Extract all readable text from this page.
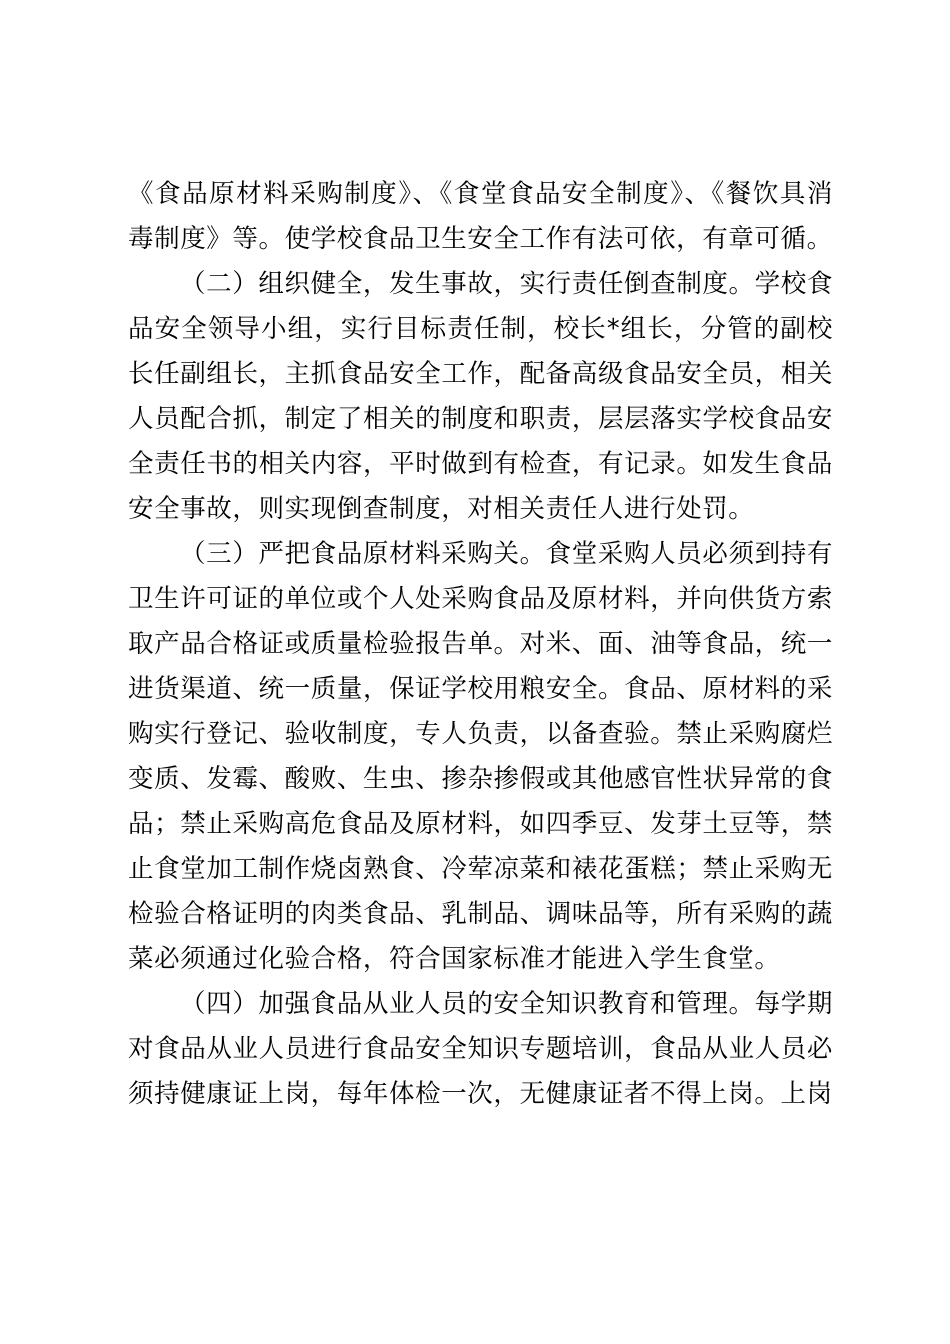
《食品原材料采购制度》、《食堂食品安全制度》、《餐饮具消毒制度》等。使学校食品卫生安全工作有法可依，有章可循。

（二）组织健全，发生事故，实行责任倒查制度。学校食品安全领导小组，实行目标责任制，校长*组长，分管的副校长任副组长，主抓食品安全工作，配备高级食品安全员，相关人员配合抓，制定了相关的制度和职责，层层落实学校食品安全责任书的相关内容，平时做到有检查，有记录。如发生食品安全事故，则实现倒查制度，对相关责任人进行处罚。

（三）严把食品原材料采购关。食堂采购人员必须到持有卫生许可证的单位或个人处采购食品及原材料，并向供货方索取产品合格证或质量检验报告单。对米、面、油等食品，统一进货渠道、统一质量，保证学校用粮安全。食品、原材料的采购实行登记、验收制度，专人负责，以备查验。禁止采购腐烂变质、发霉、酸败、生虫、掺杂掺假或其他感官性状异常的食品；禁止采购高危食品及原材料，如四季豆、发芽土豆等，禁止食堂加工制作烧卤熟食、冷荤凉菜和裱花蛋糕；禁止采购无检验合格证明的肉类食品、乳制品、调味品等，所有采购的蔬菜必须通过化验合格，符合国家标准才能进入学生食堂。

（四）加强食品从业人员的安全知识教育和管理。每学期对食品从业人员进行食品安全知识专题培训，食品从业人员必须持健康证上岗，每年体检一次，无健康证者不得上岗。上岗
